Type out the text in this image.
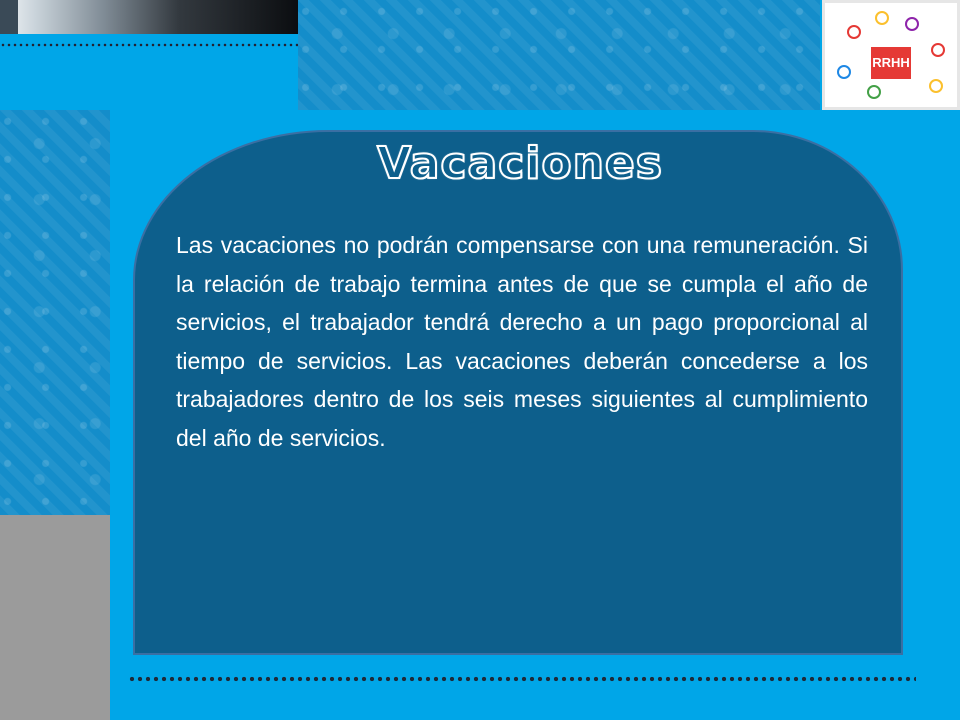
RRHH
Vacaciones
Las vacaciones no podrán compensarse con una remuneración. Si la relación de trabajo termina antes de que se cumpla el año de servicios, el trabajador tendrá derecho a un pago proporcional al tiempo de servicios. Las vacaciones deberán concederse a los trabajadores dentro de los seis meses siguientes al cumplimiento del año de servicios.
